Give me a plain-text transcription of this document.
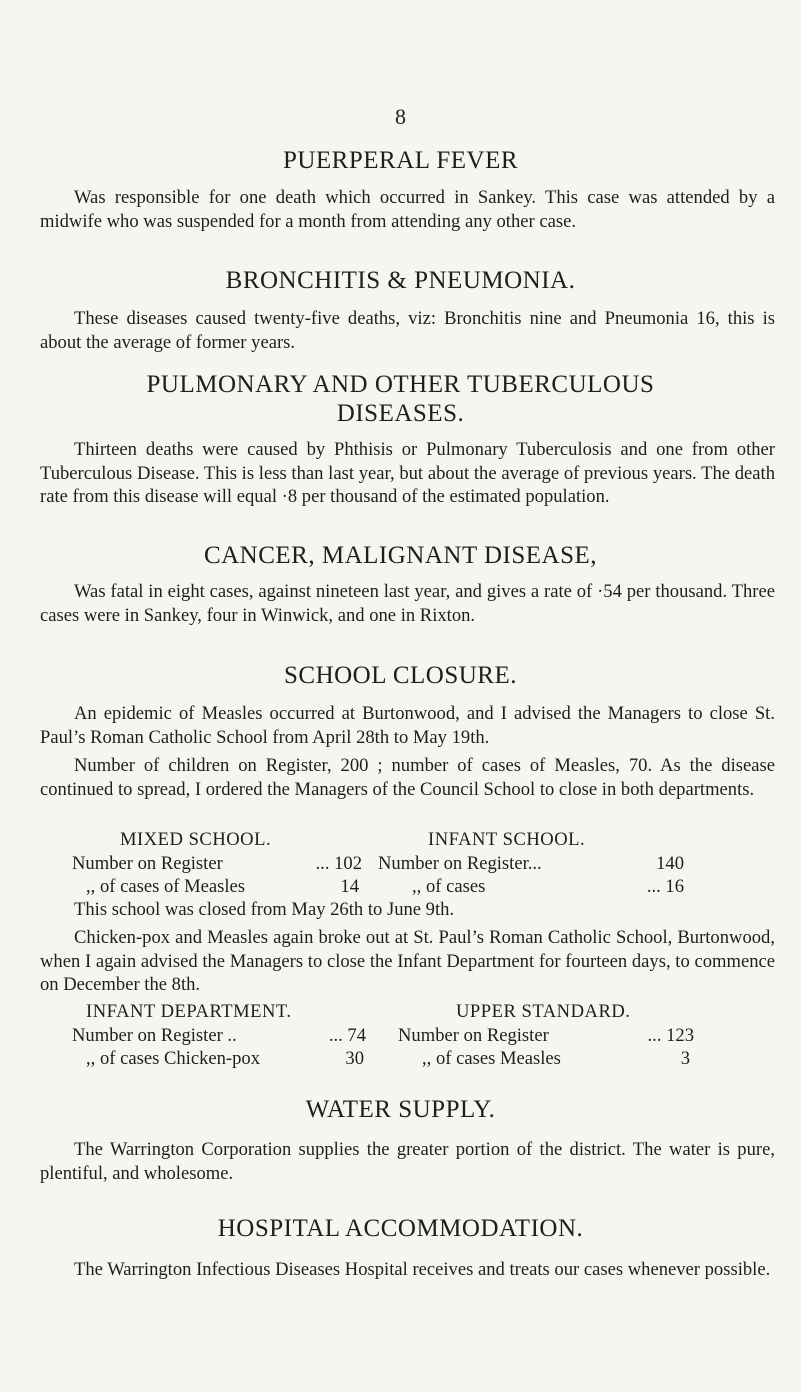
8
PUERPERAL FEVER

Was responsible for one death which occurred in Sankey. This case was attended by a midwife who was suspended for a month from attending any other case.

BRONCHITIS & PNEUMONIA.

These diseases caused twenty-five deaths, viz: Bronchitis nine and Pneumonia 16, this is about the average of former years.

PULMONARY AND OTHER TUBERCULOUS
DISEASES.

Thirteen deaths were caused by Phthisis or Pulmonary Tuberculosis and one from other Tuberculous Disease. This is less than last year, but about the average of previous years. The death rate from this disease will equal ·8 per thousand of the estimated population.

CANCER, MALIGNANT DISEASE,

Was fatal in eight cases, against nineteen last year, and gives a rate of ·54 per thousand. Three cases were in Sankey, four in Winwick, and one in Rixton.

SCHOOL CLOSURE.

An epidemic of Measles occurred at Burtonwood, and I advised the Managers to close St. Paul’s Roman Catholic School from April 28th to May 19th.

Number of children on Register, 200 ; number of cases of Measles, 70. As the disease continued to spread, I ordered the Managers of the Council School to close in both departments.

MIXED SCHOOL.
Number on Register	... 102
,, of cases of Measles	14
INFANT SCHOOL.
Number on Register...	140
,, of cases	... 16

This school was closed from May 26th to June 9th.

Chicken-pox and Measles again broke out at St. Paul’s Roman Catholic School, Burtonwood, when I again advised the Managers to close the Infant Department for fourteen days, to commence on December the 8th.

INFANT DEPARTMENT.
Number on Register ..	... 74
,, of cases Chicken-pox	30
UPPER STANDARD.
Number on Register	... 123
,, of cases Measles	3
WATER SUPPLY.

The Warrington Corporation supplies the greater portion of the district. The water is pure, plentiful, and wholesome.

HOSPITAL ACCOMMODATION.

The Warrington Infectious Diseases Hospital receives and treats our cases whenever possible.
